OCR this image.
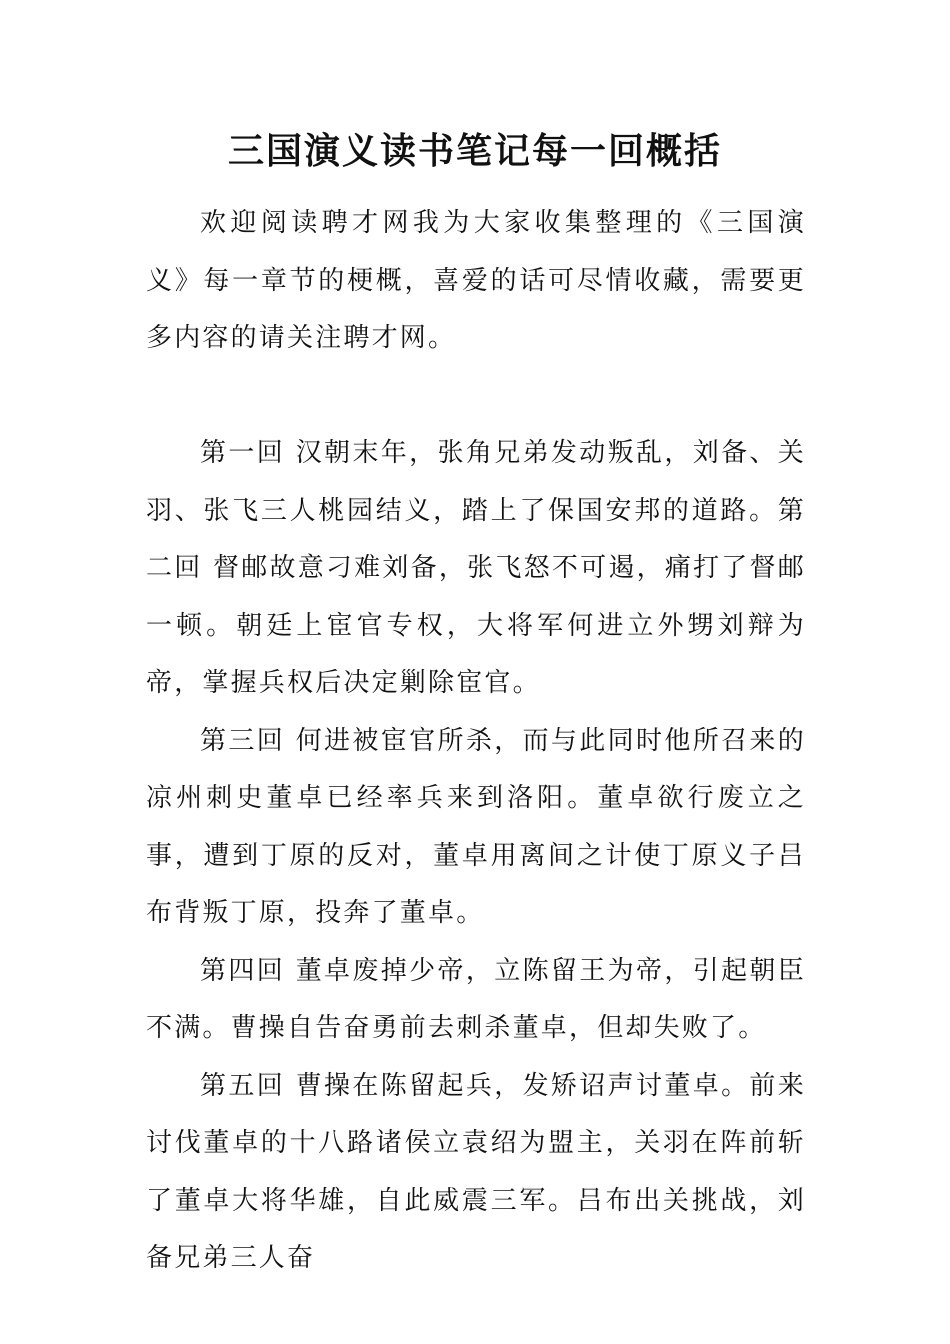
三国演义读书笔记每一回概括

欢迎阅读聘才网我为大家收集整理的《三国演义》每一章节的梗概，喜爱的话可尽情收藏，需要更多内容的请关注聘才网。

第一回 汉朝末年，张角兄弟发动叛乱，刘备、关羽、张飞三人桃园结义，踏上了保国安邦的道路。第二回 督邮故意刁难刘备，张飞怒不可遏，痛打了督邮一顿。朝廷上宦官专权，大将军何进立外甥刘辩为帝，掌握兵权后决定剿除宦官。

第三回 何进被宦官所杀，而与此同时他所召来的凉州刺史董卓已经率兵来到洛阳。董卓欲行废立之事，遭到丁原的反对，董卓用离间之计使丁原义子吕布背叛丁原，投奔了董卓。

第四回 董卓废掉少帝，立陈留王为帝，引起朝臣不满。曹操自告奋勇前去刺杀董卓，但却失败了。

第五回 曹操在陈留起兵，发矫诏声讨董卓。前来讨伐董卓的十八路诸侯立袁绍为盟主，关羽在阵前斩了董卓大将华雄，自此威震三军。吕布出关挑战，刘备兄弟三人奋
